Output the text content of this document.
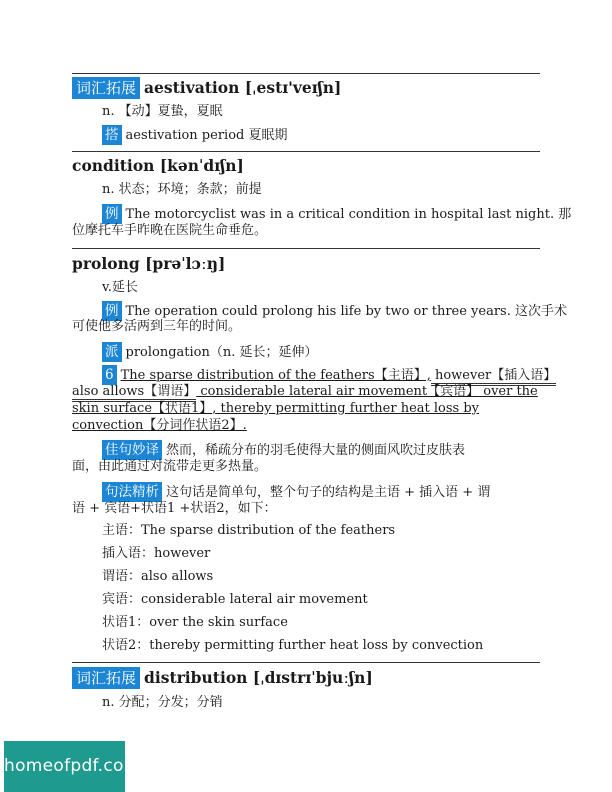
词汇拓展 aestivation [ˌestɪ'veɪʃn]
n. 【动】夏蛰，夏眠
搭 aestivation period 夏眠期
condition [kənˈdɪʃn]
n. 状态；环境；条款；前提
例 The motorcyclist was in a critical condition in hospital last night. 那
位摩托车手昨晚在医院生命垂危。
prolong [prəˈlɔːŋ]
v.延长
例 The operation could prolong his life by two or three years. 这次手术
可使他多活两到三年的时间。
派 prolongation（n. 延长；延伸）
6 The sparse distribution of the feathers【主语】, however【插入语】
also allows【谓语】 considerable lateral air movement【宾语】 over the
skin surface【状语1】, thereby permitting further heat loss by
convection【分词作状语2】.
佳句妙译 然而，稀疏分布的羽毛使得大量的侧面风吹过皮肤表
面，由此通过对流带走更多热量。
句法精析 这句话是简单句，整个句子的结构是主语 + 插入语 + 谓
语 + 宾语+状语1 +状语2，如下：
主语：The sparse distribution of the feathers
插入语：however
谓语：also allows
宾语：considerable lateral air movement
状语1：over the skin surface
状语2：thereby permitting further heat loss by convection
词汇拓展 distribution [ˌdɪstrɪˈbjuːʃn]
n. 分配；分发；分销
homeofpdf.com
